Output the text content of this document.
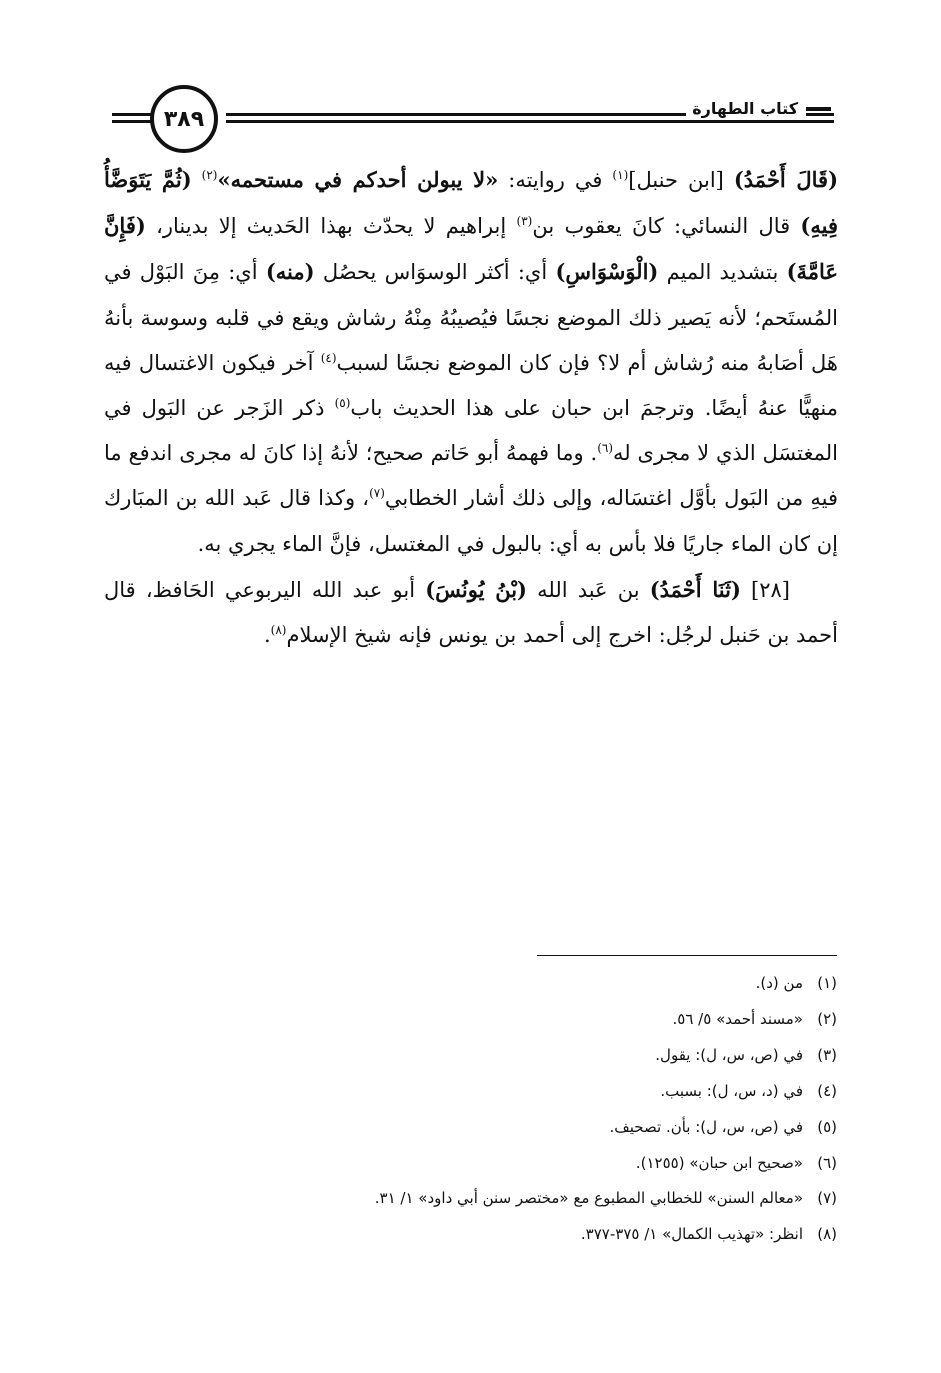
كتاب الطهارة
٣٨٩

(قَالَ أَحْمَدُ) [ابن حنبل]$^{(١)}$ في روايته: «لا يبولن أحدكم في مستحمه»$^{(٢)}$ (ثُمَّ يَتَوَضَّأُ فِيهِ) قال النسائي: كانَ يعقوب بن$^{(٣)}$ إبراهيم لا يحدّث بهذا الحَديث إلا بدينار، (فَإِنَّ عَامَّةَ) بتشديد الميم (الْوَسْوَاسِ) أي: أكثر الوسوَاس يحصُل (منه) أي: مِنَ البَوْل في المُستَحم؛ لأنه يَصير ذلك الموضع نجسًا فيُصيبُهُ مِنْهُ رشاش ويقع في قلبه وسوسة بأنهُ هَل أصَابهُ منه رُشاش أم لا؟ فإن كان الموضع نجسًا لسبب$^{(٤)}$ آخر فيكون الاغتسال فيه منهيًّا عنهُ أيضًا. وترجمَ ابن حبان على هذا الحديث باب$^{(٥)}$ ذكر الزَجر عن البَول في المغتسَل الذي لا مجرى له$^{(٦)}$. وما فهمهُ أبو حَاتم صحيح؛ لأنهُ إذا كانَ له مجرى اندفع ما فيهِ من البَول بأوَّل اغتسَاله، وإلى ذلك أشار الخطابي$^{(٧)}$، وكذا قال عَبد الله بن المبَارك إن كان الماء جاريًا فلا بأس به أي: بالبول في المغتسل، فإنَّ الماء يجري به.

[٢٨] (ثَنَا أَحْمَدُ) بن عَبد الله (بْنُ يُونُسَ) أبو عبد الله اليربوعي الحَافظ، قال أحمد بن حَنبل لرجُل: اخرج إلى أحمد بن يونس فإنه شيخ الإسلام$^{(٨)}$.

(١)من (د).
(٢)«مسند أحمد» ٥/ ٥٦.
(٣)في (ص، س، ل): يقول.
(٤)في (د، س، ل): بسبب.
(٥)في (ص، س، ل): بأن. تصحيف.
(٦)«صحيح ابن حبان» (١٢٥٥).
(٧)«معالم السنن» للخطابي المطبوع مع «مختصر سنن أبي داود» ١/ ٣١.
(٨)انظر: «تهذيب الكمال» ١/ ٣٧٥-٣٧٧.
